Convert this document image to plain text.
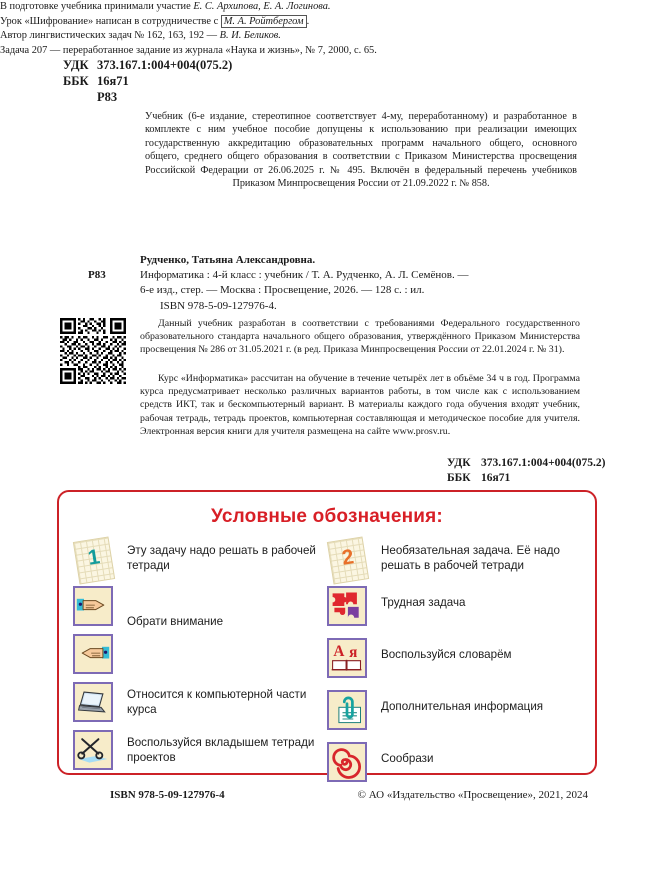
УДК 373.167.1:004+004(075.2)
ББК 16я71
Р83
Учебник (6-е издание, стереотипное соответствует 4-му, переработанному) и разработанное в комплекте с ним учебное пособие допущены к использованию при реализации имеющих государственную аккредитацию образовательных программ начального общего, основного общего, среднего общего образования в соответствии с Приказом Министерства просвещения Российской Федерации от 26.06.2025 г. № 495. Включён в федеральный перечень учебников Приказом Минпросвещения России от 21.09.2022 г. № 858.
В подготовке учебника принимали участие Е. С. Архипова, Е. А. Логинова.
Урок «Шифрование» написан в сотрудничестве с М. А. Ройтбергом .
Автор лингвистических задач № 162, 163, 192 — В. И. Беликов.
Задача 207 — переработанное задание из журнала «Наука и жизнь», № 7, 2000, с. 65.
Рудченко, Татьяна Александровна.
Р83	Информатика : 4-й класс : учебник / Т. А. Рудченко, А. Л. Семёнов. —
6-е изд., стер. — Москва : Просвещение, 2026. — 128 с. : ил.
ISBN 978-5-09-127976-4.
Данный учебник разработан в соответствии с требованиями Федерального государственного образовательного стандарта начального общего образования, утверждённого Приказом Министерства просвещения № 286 от 31.05.2021 г. (в ред. Приказа Минпросвещения России от 22.01.2024 г. № 31).
Курс «Информатика» рассчитан на обучение в течение четырёх лет в объёме 34 ч в год. Программа курса предусматривает несколько различных вариантов работы, в том числе как с использованием средств ИКТ, так и бескомпьютерный вариант. В материалы каждого года обучения входят учебник, рабочая тетрадь, тетрадь проектов, компьютерная составляющая и методическое пособие для учителя. Электронная версия книги для учителя размещена на сайте www.prosv.ru.
УДК 373.167.1:004+004(075.2)
ББК 16я71
Условные обозначения:
1	Эту задачу надо решать в рабочей тетради
Обрати внимание
Относится к компьютерной части курса
Воспользуйся вкладышем тетради проектов
2	Необязательная задача. Её надо решать в рабочей тетради
Трудная задача
А я Воспользуйся словарём
Дополнительная информация
Сообрази
ISBN 978-5-09-127976-4	© АО «Издательство «Просвещение», 2021, 2024
